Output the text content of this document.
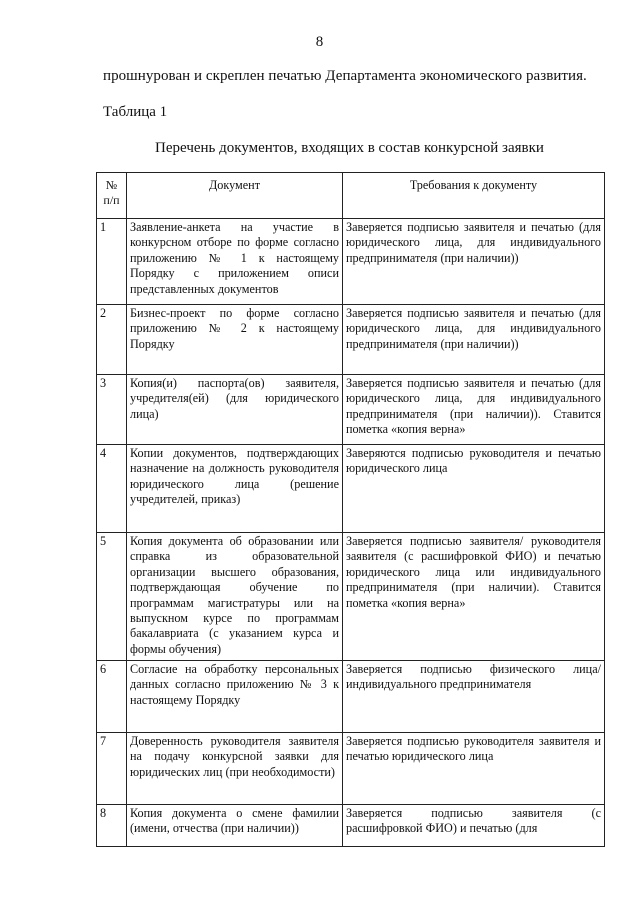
8
прошнурован и скреплен печатью Департамента экономического развития.
Таблица 1
Перечень документов, входящих в состав конкурсной заявки
№ п/п	Документ	Требования к документу
1	Заявление-анкета на участие в конкурсном отборе по форме согласно приложению № 1 к настоящему Порядку с приложением описи представленных документов	Заверяется подписью заявителя и печатью (для юридического лица, для индивидуального предпринимателя (при наличии))
2	Бизнес-проект по форме согласно приложению № 2 к настоящему Порядку	Заверяется подписью заявителя и печатью (для юридического лица, для индивидуального предпринимателя (при наличии))
3	Копия(и) паспорта(ов) заявителя, учредителя(ей) (для юридического лица)	Заверяется подписью заявителя и печатью (для юридического лица, для индивидуального предпринимателя (при наличии)). Ставится пометка «копия верна»
4	Копии документов, подтверждающих назначение на должность руководителя юридического лица (решение учредителей, приказ)	Заверяются подписью руководителя и печатью юридического лица
5	Копия документа об образовании или справка из образовательной организации высшего образования, подтверждающая обучение по программам магистратуры или на выпускном курсе по программам бакалавриата (с указанием курса и формы обучения)	Заверяется подписью заявителя/ руководителя заявителя (с расшифровкой ФИО) и печатью юридического лица или индивидуального предпринимателя (при наличии). Ставится пометка «копия верна»
6	Согласие на обработку персональных данных согласно приложению № 3 к настоящему Порядку	Заверяется подписью физического лица/индивидуального предпринимателя
7	Доверенность руководителя заявителя на подачу конкурсной заявки для юридических лиц (при необходимости)	Заверяется подписью руководителя заявителя и печатью юридического лица
8	Копия документа о смене фамилии (имени, отчества (при наличии))	Заверяется подписью заявителя (с расшифровкой ФИО) и печатью (для
